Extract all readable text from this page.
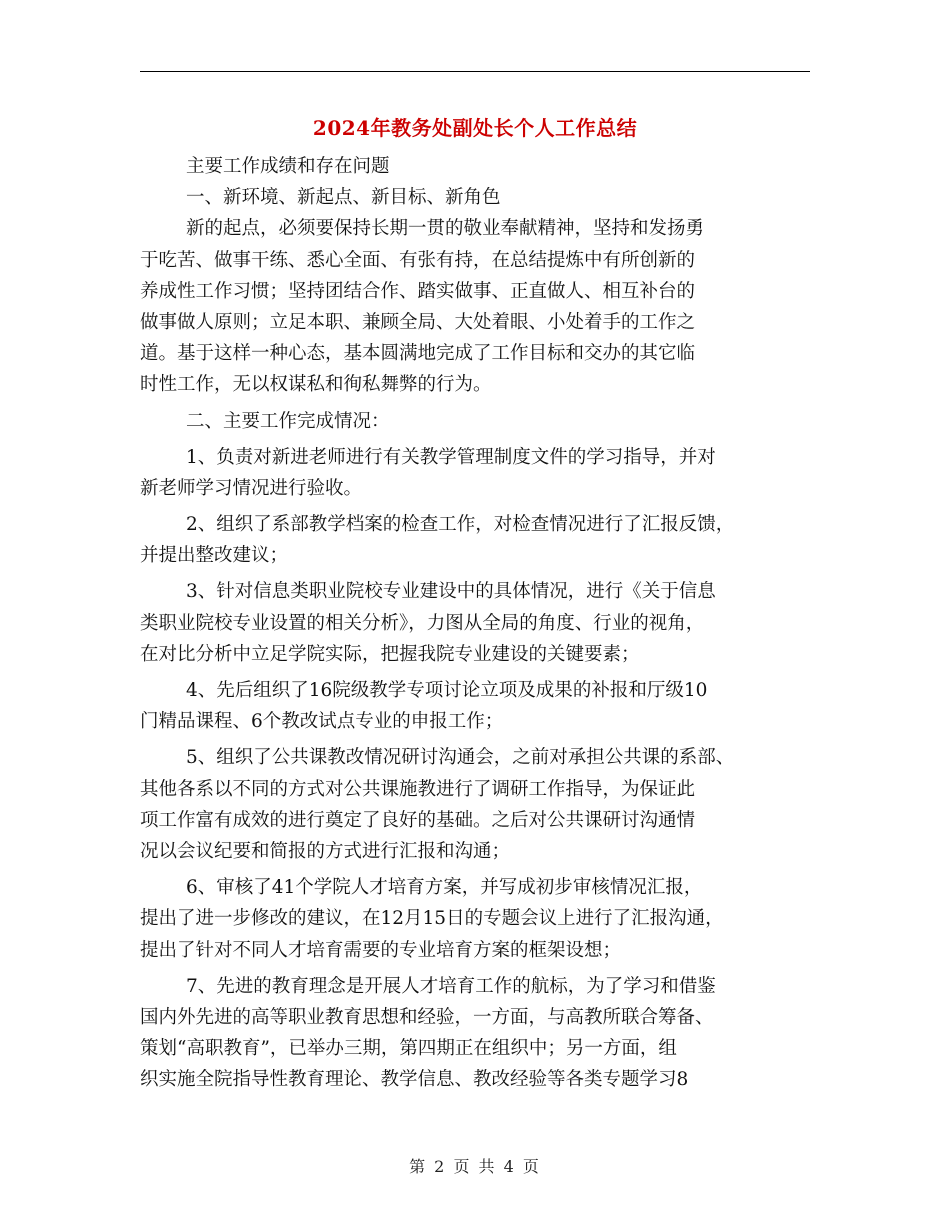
2024年教务处副处长个人工作总结
主要工作成绩和存在问题
一、新环境、新起点、新目标、新角色
新的起点，必须要保持长期一贯的敬业奉献精神，坚持和发扬勇
于吃苦、做事干练、悉心全面、有张有持，在总结提炼中有所创新的
养成性工作习惯；坚持团结合作、踏实做事、正直做人、相互补台的
做事做人原则；立足本职、兼顾全局、大处着眼、小处着手的工作之
道。基于这样一种心态，基本圆满地完成了工作目标和交办的其它临
时性工作，无以权谋私和徇私舞弊的行为。
二、主要工作完成情况：
1、负责对新进老师进行有关教学管理制度文件的学习指导，并对
新老师学习情况进行验收。
2、组织了系部教学档案的检查工作，对检查情况进行了汇报反馈，
并提出整改建议；
3、针对信息类职业院校专业建设中的具体情况，进行《关于信息
类职业院校专业设置的相关分析》，力图从全局的角度、行业的视角，
在对比分析中立足学院实际，把握我院专业建设的关键要素；
4、先后组织了16院级教学专项讨论立项及成果的补报和厅级10
门精品课程、6个教改试点专业的申报工作；
5、组织了公共课教改情况研讨沟通会，之前对承担公共课的系部、
其他各系以不同的方式对公共课施教进行了调研工作指导，为保证此
项工作富有成效的进行奠定了良好的基础。之后对公共课研讨沟通情
况以会议纪要和简报的方式进行汇报和沟通；
6、审核了41个学院人才培育方案，并写成初步审核情况汇报，
提出了进一步修改的建议，在12月15日的专题会议上进行了汇报沟通，
提出了针对不同人才培育需要的专业培育方案的框架设想；
7、先进的教育理念是开展人才培育工作的航标，为了学习和借鉴
国内外先进的高等职业教育思想和经验，一方面，与高教所联合筹备、
策划“高职教育”，已举办三期，第四期正在组织中；另一方面，组
织实施全院指导性教育理论、教学信息、教改经验等各类专题学习8
第 2 页 共 4 页
